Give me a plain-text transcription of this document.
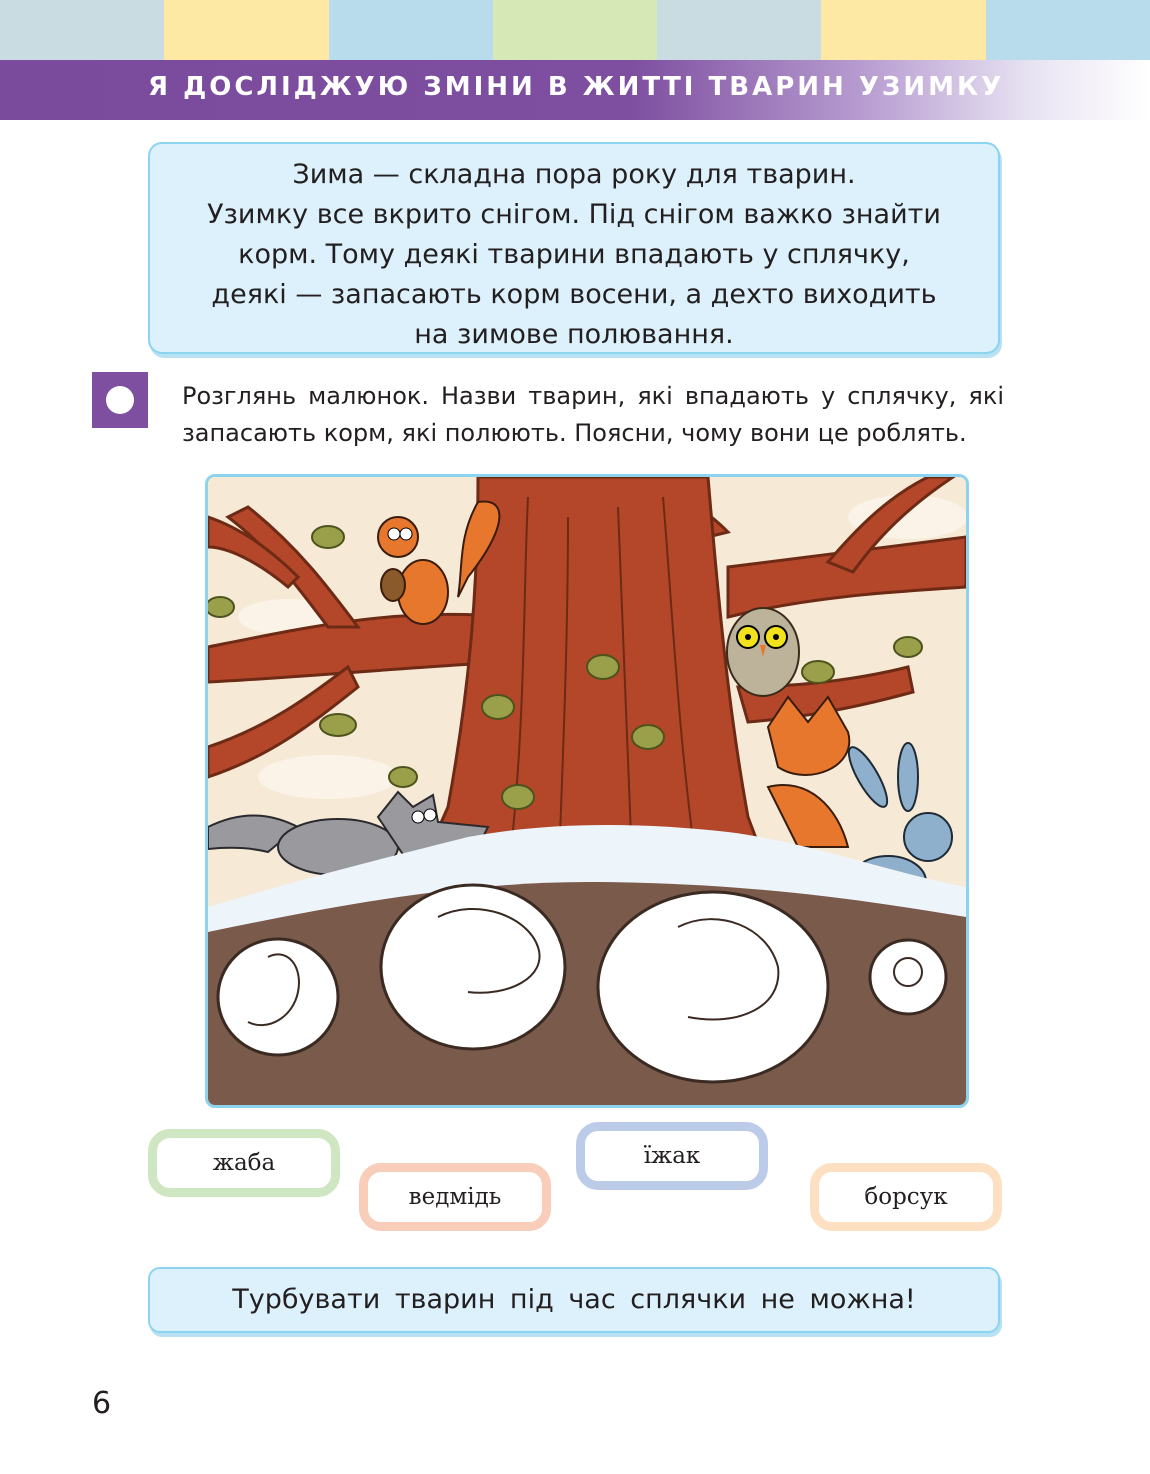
Я ДОСЛІДЖУЮ ЗМІНИ В ЖИТТІ ТВАРИН УЗИМКУ
Зима — складна пора року для тварин.
Узимку все вкрито снігом. Під снігом важко знайти
корм. Тому деякі тварини впадають у сплячку,
деякі — запасають корм восени, а дехто виходить
на зимове полювання.
Розглянь малюнок. Назви тварин, які впадають у сплячку, які
запасають корм, які полюють. Поясни, чому вони це роблять.
жаба
ведмідь
їжак
борсук
Турбувати тварин під час сплячки не можна!
6
